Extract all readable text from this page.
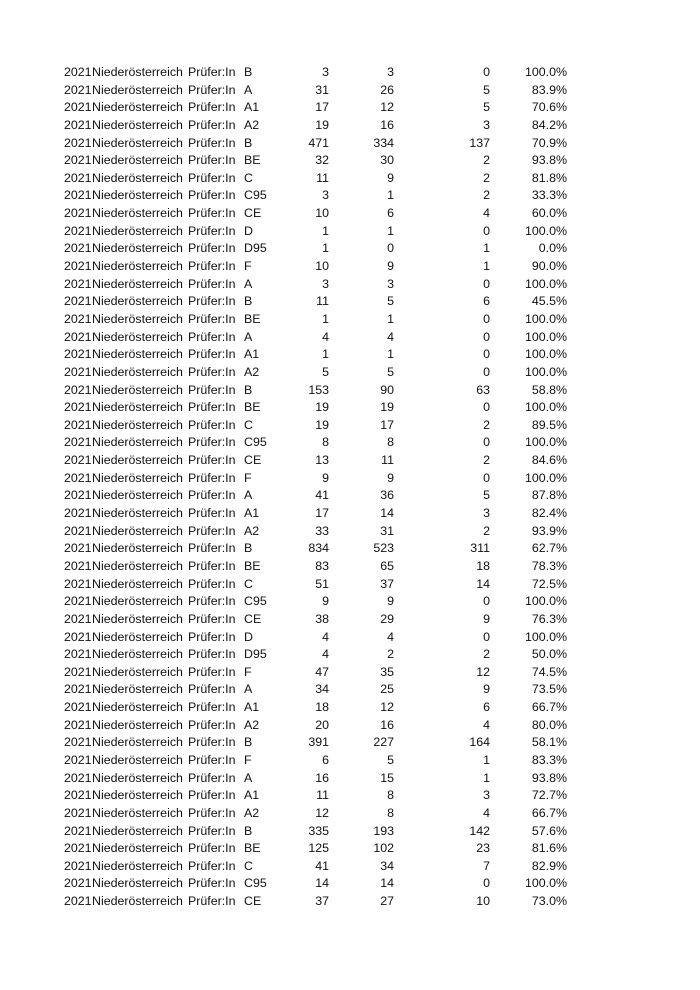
2021 Niederösterreich Prüfer:In B	3	3	0	100.0%
2021 Niederösterreich Prüfer:In A	31	26	5	83.9%
2021 Niederösterreich Prüfer:In A1	17	12	5	70.6%
2021 Niederösterreich Prüfer:In A2	19	16	3	84.2%
2021 Niederösterreich Prüfer:In B	471	334	137	70.9%
2021 Niederösterreich Prüfer:In BE	32	30	2	93.8%
2021 Niederösterreich Prüfer:In C	11	9	2	81.8%
2021 Niederösterreich Prüfer:In C95	3	1	2	33.3%
2021 Niederösterreich Prüfer:In CE	10	6	4	60.0%
2021 Niederösterreich Prüfer:In D	1	1	0	100.0%
2021 Niederösterreich Prüfer:In D95	1	0	1	0.0%
2021 Niederösterreich Prüfer:In F	10	9	1	90.0%
2021 Niederösterreich Prüfer:In A	3	3	0	100.0%
2021 Niederösterreich Prüfer:In B	11	5	6	45.5%
2021 Niederösterreich Prüfer:In BE	1	1	0	100.0%
2021 Niederösterreich Prüfer:In A	4	4	0	100.0%
2021 Niederösterreich Prüfer:In A1	1	1	0	100.0%
2021 Niederösterreich Prüfer:In A2	5	5	0	100.0%
2021 Niederösterreich Prüfer:In B	153	90	63	58.8%
2021 Niederösterreich Prüfer:In BE	19	19	0	100.0%
2021 Niederösterreich Prüfer:In C	19	17	2	89.5%
2021 Niederösterreich Prüfer:In C95	8	8	0	100.0%
2021 Niederösterreich Prüfer:In CE	13	11	2	84.6%
2021 Niederösterreich Prüfer:In F	9	9	0	100.0%
2021 Niederösterreich Prüfer:In A	41	36	5	87.8%
2021 Niederösterreich Prüfer:In A1	17	14	3	82.4%
2021 Niederösterreich Prüfer:In A2	33	31	2	93.9%
2021 Niederösterreich Prüfer:In B	834	523	311	62.7%
2021 Niederösterreich Prüfer:In BE	83	65	18	78.3%
2021 Niederösterreich Prüfer:In C	51	37	14	72.5%
2021 Niederösterreich Prüfer:In C95	9	9	0	100.0%
2021 Niederösterreich Prüfer:In CE	38	29	9	76.3%
2021 Niederösterreich Prüfer:In D	4	4	0	100.0%
2021 Niederösterreich Prüfer:In D95	4	2	2	50.0%
2021 Niederösterreich Prüfer:In F	47	35	12	74.5%
2021 Niederösterreich Prüfer:In A	34	25	9	73.5%
2021 Niederösterreich Prüfer:In A1	18	12	6	66.7%
2021 Niederösterreich Prüfer:In A2	20	16	4	80.0%
2021 Niederösterreich Prüfer:In B	391	227	164	58.1%
2021 Niederösterreich Prüfer:In F	6	5	1	83.3%
2021 Niederösterreich Prüfer:In A	16	15	1	93.8%
2021 Niederösterreich Prüfer:In A1	11	8	3	72.7%
2021 Niederösterreich Prüfer:In A2	12	8	4	66.7%
2021 Niederösterreich Prüfer:In B	335	193	142	57.6%
2021 Niederösterreich Prüfer:In BE	125	102	23	81.6%
2021 Niederösterreich Prüfer:In C	41	34	7	82.9%
2021 Niederösterreich Prüfer:In C95	14	14	0	100.0%
2021 Niederösterreich Prüfer:In CE	37	27	10	73.0%
